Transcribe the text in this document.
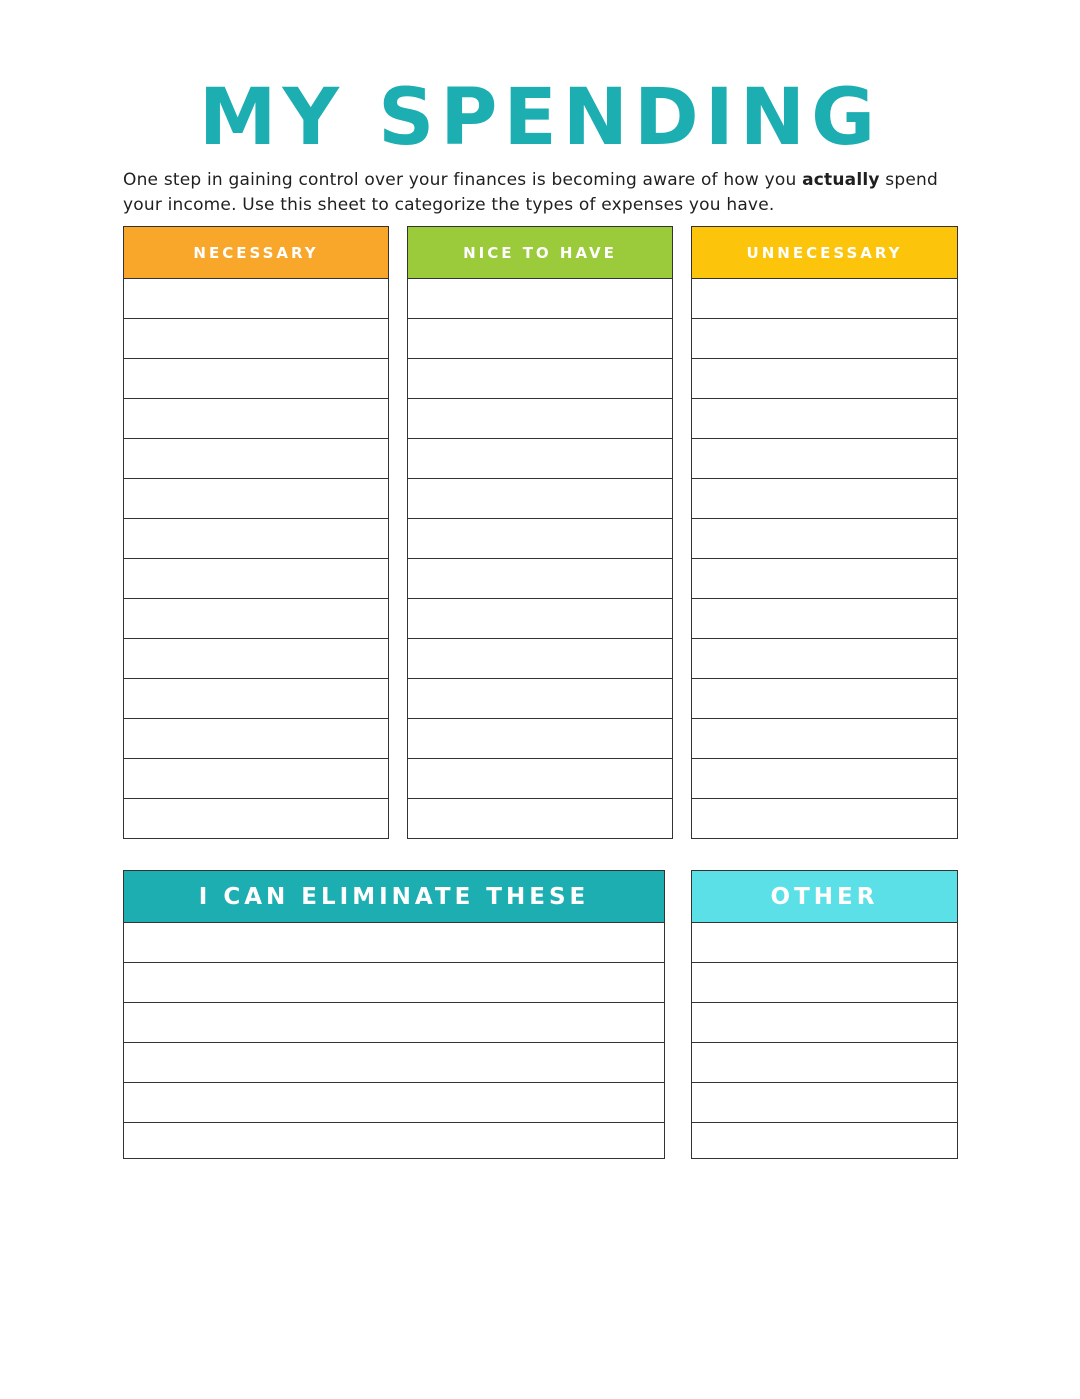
MY SPENDING
One step in gaining control over your finances is becoming aware of how you actually spend your income. Use this sheet to categorize the types of expenses you have.
NECESSARY	NICE TO HAVE	UNNECESSARY
I CAN ELIMINATE THESE	OTHER
